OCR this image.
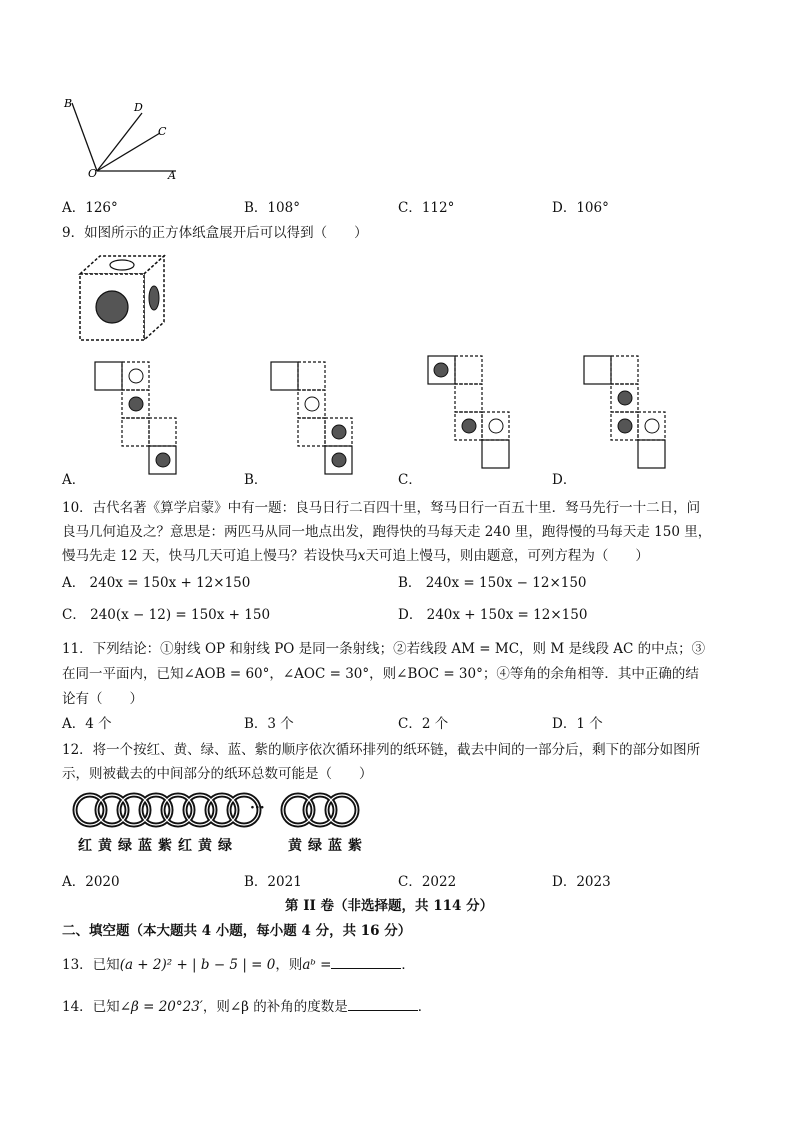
B	D
C
O	A
A．126°	B．108°	C．112°	D．106°
9．如图所示的正方体纸盒展开后可以得到（　　）
A．	B．	C．	D．
10．古代名著《算学启蒙》中有一题：良马日行二百四十里，驽马日行一百五十里．驽马先行一十二日，问
良马几何追及之？意思是：两匹马从同一地点出发，跑得快的马每天走 240 里，跑得慢的马每天走 150 里，
慢马先走 12 天，快马几天可追上慢马？若设快马x天可追上慢马，则由题意，可列方程为（　　）
A． 240x = 150x + 12×150	B． 240x = 150x − 12×150
C． 240(x − 12) = 150x + 150	D． 240x + 150x = 12×150
11．下列结论：①射线 OP 和射线 PO 是同一条射线；②若线段 AM = MC，则 M 是线段 AC 的中点；③
在同一平面内，已知∠AOB = 60°，∠AOC = 30°，则∠BOC = 30°；④等角的余角相等．其中正确的结
论有（　　）
A．4 个	B．3 个	C．2 个	D．1 个
12．将一个按红、黄、绿、蓝、紫的顺序依次循环排列的纸环链，截去中间的一部分后，剩下的部分如图所
示，则被截去的中间部分的纸环总数可能是（　　）
···
红黄绿蓝紫红黄绿	黄绿蓝紫
A．2020	B．2021	C．2022	D．2023
第 II 卷（非选择题，共 114 分）
二、填空题（本大题共 4 小题，每小题 4 分，共 16 分）
13．已知(a + 2)² + | b − 5 | = 0，则aᵇ =	．
14．已知∠β = 20°23′，则∠β 的补角的度数是	．
